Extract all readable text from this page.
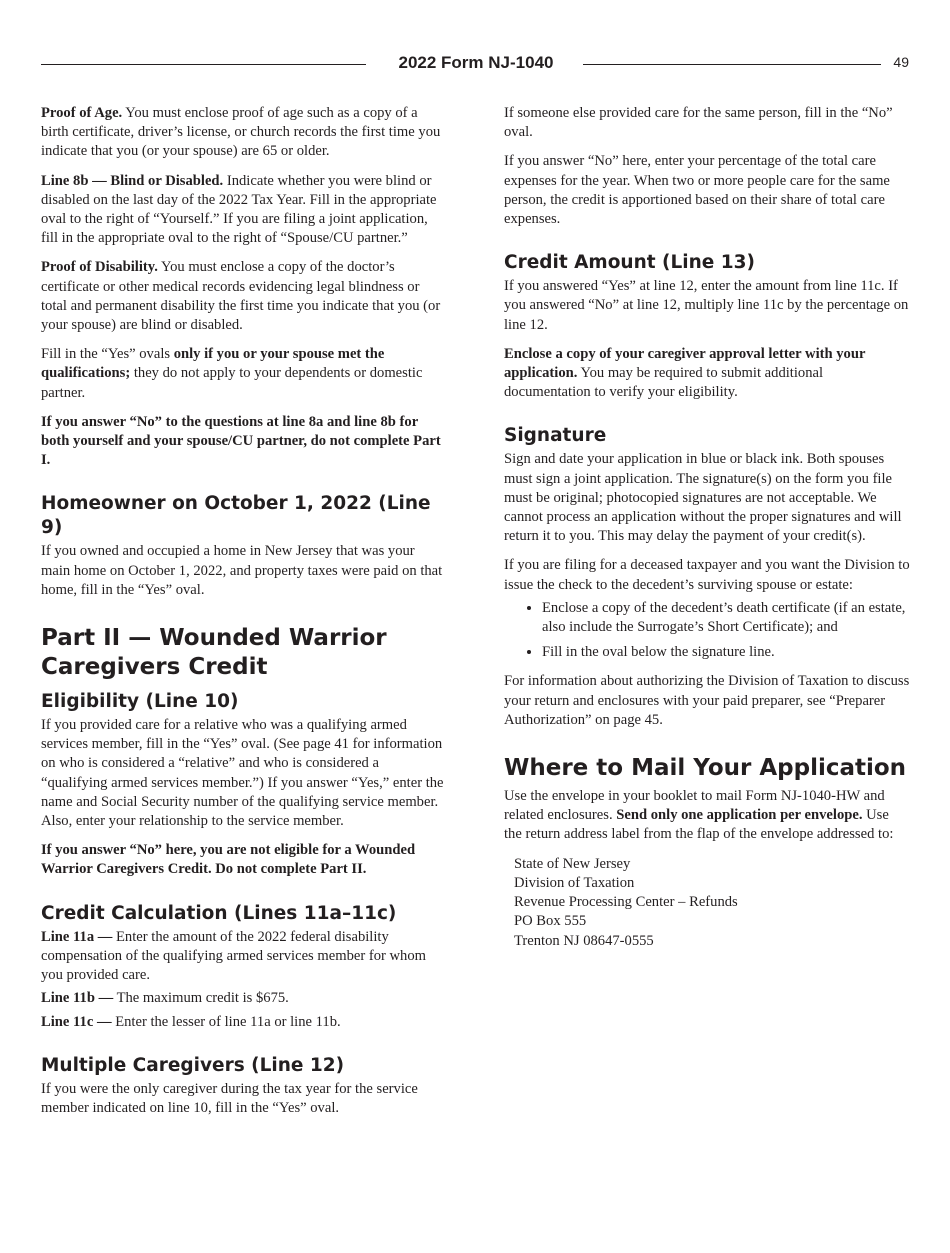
2022 Form NJ-1040	49

Proof of Age. You must enclose proof of age such as a copy of a birth certificate, driver’s license, or church records the first time you indicate that you (or your spouse) are 65 or older.

Line 8b — Blind or Disabled. Indicate whether you were blind or disabled on the last day of the 2022 Tax Year. Fill in the appropriate oval to the right of “Yourself.” If you are filing a joint application, fill in the appropriate oval to the right of “Spouse/CU partner.”

Proof of Disability. You must enclose a copy of the doctor’s certificate or other medical records evidencing legal blindness or total and permanent disability the first time you indicate that you (or your spouse) are blind or disabled.

Fill in the “Yes” ovals only if you or your spouse met the qualifications; they do not apply to your dependents or domestic partner.

If you answer “No” to the questions at line 8a and line 8b for both yourself and your spouse/CU partner, do not complete Part I.

Homeowner on October 1, 2022 (Line 9)

If you owned and occupied a home in New Jersey that was your main home on October 1, 2022, and property taxes were paid on that home, fill in the “Yes” oval.

Part II — Wounded Warrior
Caregivers Credit
Eligibility (Line 10)

If you provided care for a relative who was a qualifying armed services member, fill in the “Yes” oval. (See page 41 for information on who is considered a “relative” and who is considered a “qualifying armed services member.”) If you answer “Yes,” enter the name and Social Security number of the qualifying service member. Also, enter your relationship to the service member.

If you answer “No” here, you are not eligible for a Wounded Warrior Caregivers Credit. Do not complete Part II.

Credit Calculation (Lines 11a–11c)

Line 11a — Enter the amount of the 2022 federal disability compensation of the qualifying armed services member for whom you provided care.

Line 11b — The maximum credit is $675.

Line 11c — Enter the lesser of line 11a or line 11b.

Multiple Caregivers (Line 12)

If you were the only caregiver during the tax year for the service member indicated on line 10, fill in the “Yes” oval.

If someone else provided care for the same person, fill in the “No” oval.

If you answer “No” here, enter your percentage of the total care expenses for the year. When two or more people care for the same person, the credit is apportioned based on their share of total care expenses.

Credit Amount (Line 13)

If you answered “Yes” at line 12, enter the amount from line 11c. If you answered “No” at line 12, multiply line 11c by the percentage on line 12.

Enclose a copy of your caregiver approval letter with your application. You may be required to submit additional documentation to verify your eligibility.

Signature

Sign and date your application in blue or black ink. Both spouses must sign a joint application. The signature(s) on the form you file must be original; photocopied signatures are not acceptable. We cannot process an application without the proper signatures and will return it to you. This may delay the payment of your credit(s).

If you are filing for a deceased taxpayer and you want the Division to issue the check to the decedent’s surviving spouse or estate:

• Enclose a copy of the decedent’s death certificate (if an estate, also include the Surrogate’s Short Certificate); and
• Fill in the oval below the signature line.

For information about authorizing the Division of Taxation to discuss your return and enclosures with your paid preparer, see “Preparer Authorization” on page 45.

Where to Mail Your Application

Use the envelope in your booklet to mail Form NJ-1040-HW and related enclosures. Send only one application per envelope. Use the return address label from the flap of the envelope addressed to:

State of New Jersey
Division of Taxation
Revenue Processing Center – Refunds
PO Box 555
Trenton NJ 08647-0555
